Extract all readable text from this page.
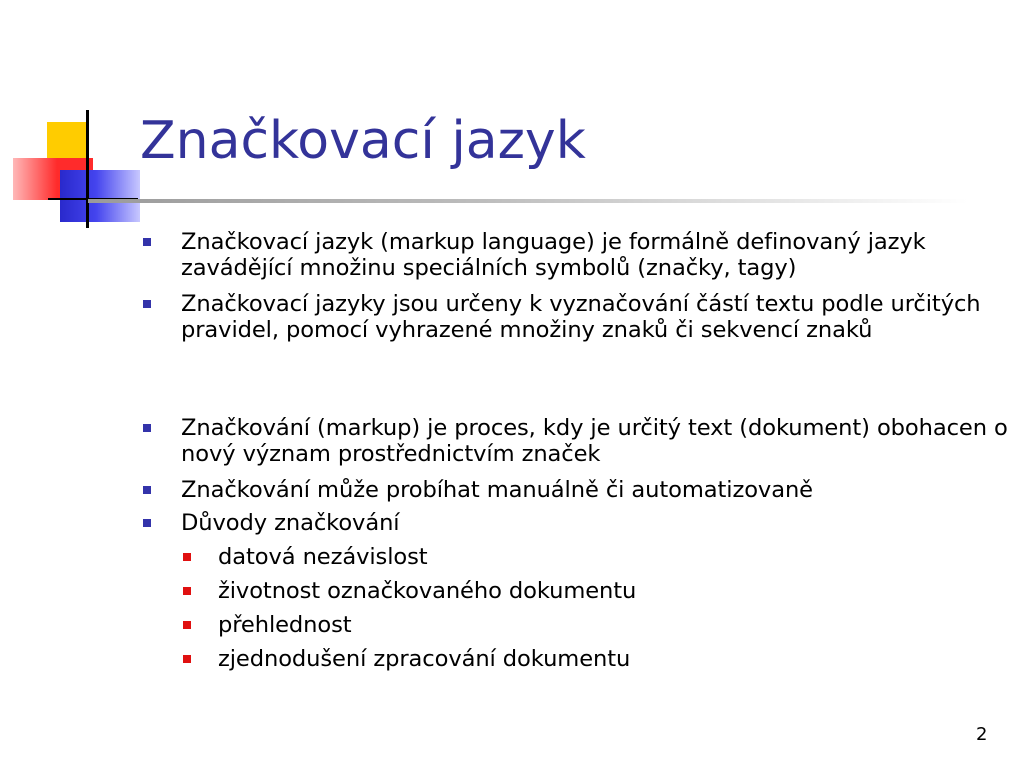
Značkovací jazyk
Značkovací jazyk (markup language) je formálně definovaný jazyk zavádějící množinu speciálních symbolů (značky, tagy)
Značkovací jazyky jsou určeny k vyznačování částí textu podle určitých pravidel, pomocí vyhrazené množiny znaků či sekvencí znaků
Značkování (markup) je proces, kdy je určitý text (dokument) obohacen o nový význam prostřednictvím značek
Značkování může probíhat manuálně či automatizovaně
Důvody značkování
datová nezávislost
životnost označkovaného dokumentu
přehlednost
zjednodušení zpracování dokumentu
2
